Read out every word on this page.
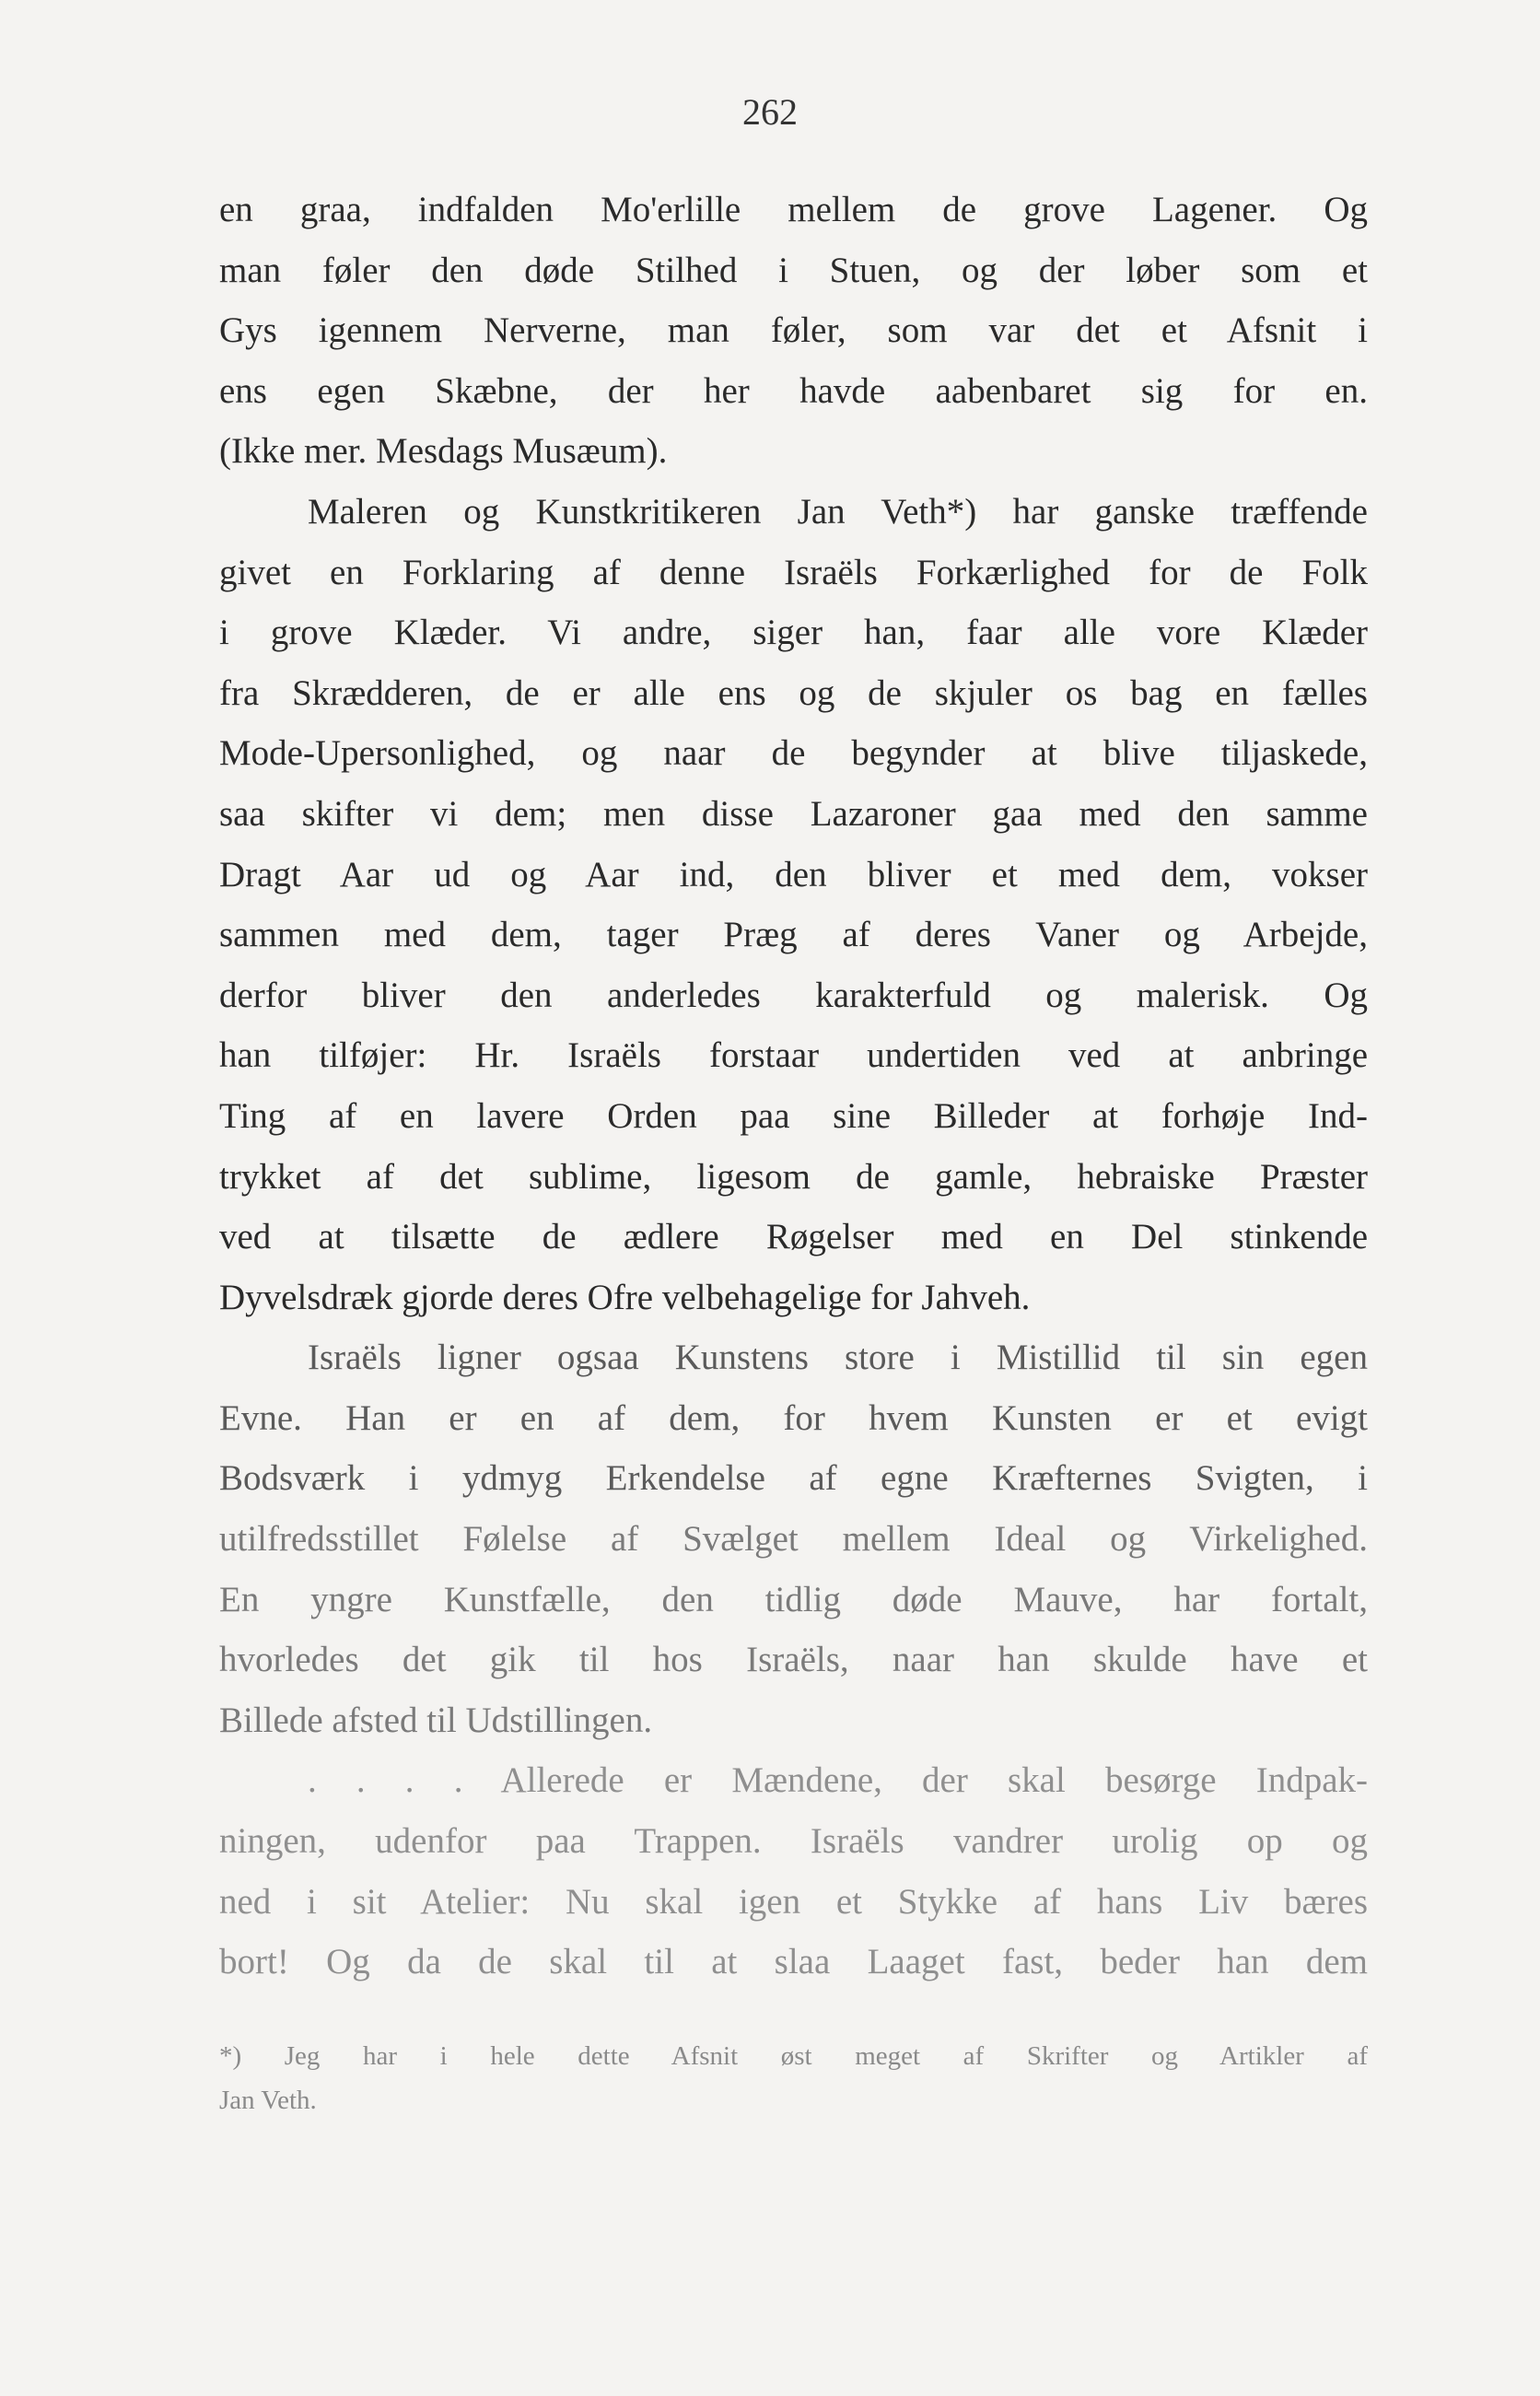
262
en graa, indfalden Mo'erlille mellem de grove Lagener. Og
man føler den døde Stilhed i Stuen, og der løber som et
Gys igennem Nerverne, man føler, som var det et Afsnit i
ens egen Skæbne, der her havde aabenbaret sig for en.
(Ikke mer. Mesdags Musæum).
Maleren og Kunstkritikeren Jan Veth*) har ganske træffende
givet en Forklaring af denne Israëls Forkærlighed for de Folk
i grove Klæder. Vi andre, siger han, faar alle vore Klæder
fra Skrædderen, de er alle ens og de skjuler os bag en fælles
Mode-Upersonlighed, og naar de begynder at blive tiljaskede,
saa skifter vi dem; men disse Lazaroner gaa med den samme
Dragt Aar ud og Aar ind, den bliver et med dem, vokser
sammen med dem, tager Præg af deres Vaner og Arbejde,
derfor bliver den anderledes karakterfuld og malerisk. Og
han tilføjer: Hr. Israëls forstaar undertiden ved at anbringe
Ting af en lavere Orden paa sine Billeder at forhøje Ind-
trykket af det sublime, ligesom de gamle, hebraiske Præster
ved at tilsætte de ædlere Røgelser med en Del stinkende
Dyvelsdræk gjorde deres Ofre velbehagelige for Jahveh.
Israëls ligner ogsaa Kunstens store i Mistillid til sin egen
Evne. Han er en af dem, for hvem Kunsten er et evigt
Bodsværk i ydmyg Erkendelse af egne Kræfternes Svigten, i
utilfredsstillet Følelse af Svælget mellem Ideal og Virkelighed.
En yngre Kunstfælle, den tidlig døde Mauve, har fortalt,
hvorledes det gik til hos Israëls, naar han skulde have et
Billede afsted til Udstillingen.
. . . . Allerede er Mændene, der skal besørge Indpak-
ningen, udenfor paa Trappen. Israëls vandrer urolig op og
ned i sit Atelier: Nu skal igen et Stykke af hans Liv bæres
bort! Og da de skal til at slaa Laaget fast, beder han dem
*) Jeg har i hele dette Afsnit øst meget af Skrifter og Artikler af
Jan Veth.
